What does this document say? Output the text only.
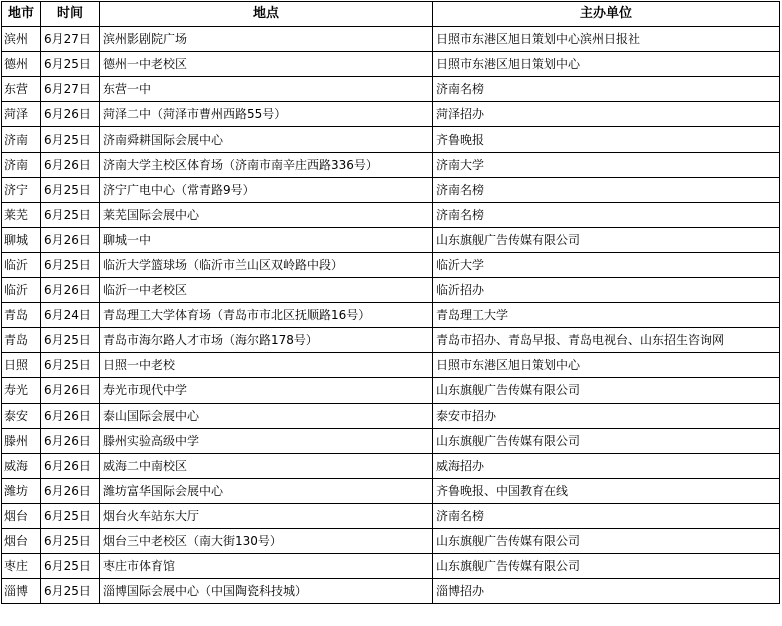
地市	时间	地点	主办单位
滨州	6月27日	滨州影剧院广场	日照市东港区旭日策划中心滨州日报社
德州	6月25日	德州一中老校区	日照市东港区旭日策划中心
东营	6月27日	东营一中	济南名榜
菏泽	6月26日	菏泽二中（菏泽市曹州西路55号）	菏泽招办
济南	6月25日	济南舜耕国际会展中心	齐鲁晚报
济南	6月26日	济南大学主校区体育场（济南市南辛庄西路336号）	济南大学
济宁	6月25日	济宁广电中心（常青路9号）	济南名榜
莱芜	6月25日	莱芜国际会展中心	济南名榜
聊城	6月26日	聊城一中	山东旗舰广告传媒有限公司
临沂	6月25日	临沂大学篮球场（临沂市兰山区双岭路中段）	临沂大学
临沂	6月26日	临沂一中老校区	临沂招办
青岛	6月24日	青岛理工大学体育场（青岛市市北区抚顺路16号）	青岛理工大学
青岛	6月25日	青岛市海尔路人才市场（海尔路178号）	青岛市招办、青岛早报、青岛电视台、山东招生咨询网
日照	6月25日	日照一中老校	日照市东港区旭日策划中心
寿光	6月26日	寿光市现代中学	山东旗舰广告传媒有限公司
泰安	6月26日	泰山国际会展中心	泰安市招办
滕州	6月26日	滕州实验高级中学	山东旗舰广告传媒有限公司
威海	6月26日	威海二中南校区	威海招办
潍坊	6月26日	潍坊富华国际会展中心	齐鲁晚报、中国教育在线
烟台	6月25日	烟台火车站东大厅	济南名榜
烟台	6月25日	烟台三中老校区（南大街130号）	山东旗舰广告传媒有限公司
枣庄	6月25日	枣庄市体育馆	山东旗舰广告传媒有限公司
淄博	6月25日	淄博国际会展中心（中国陶瓷科技城）	淄博招办
